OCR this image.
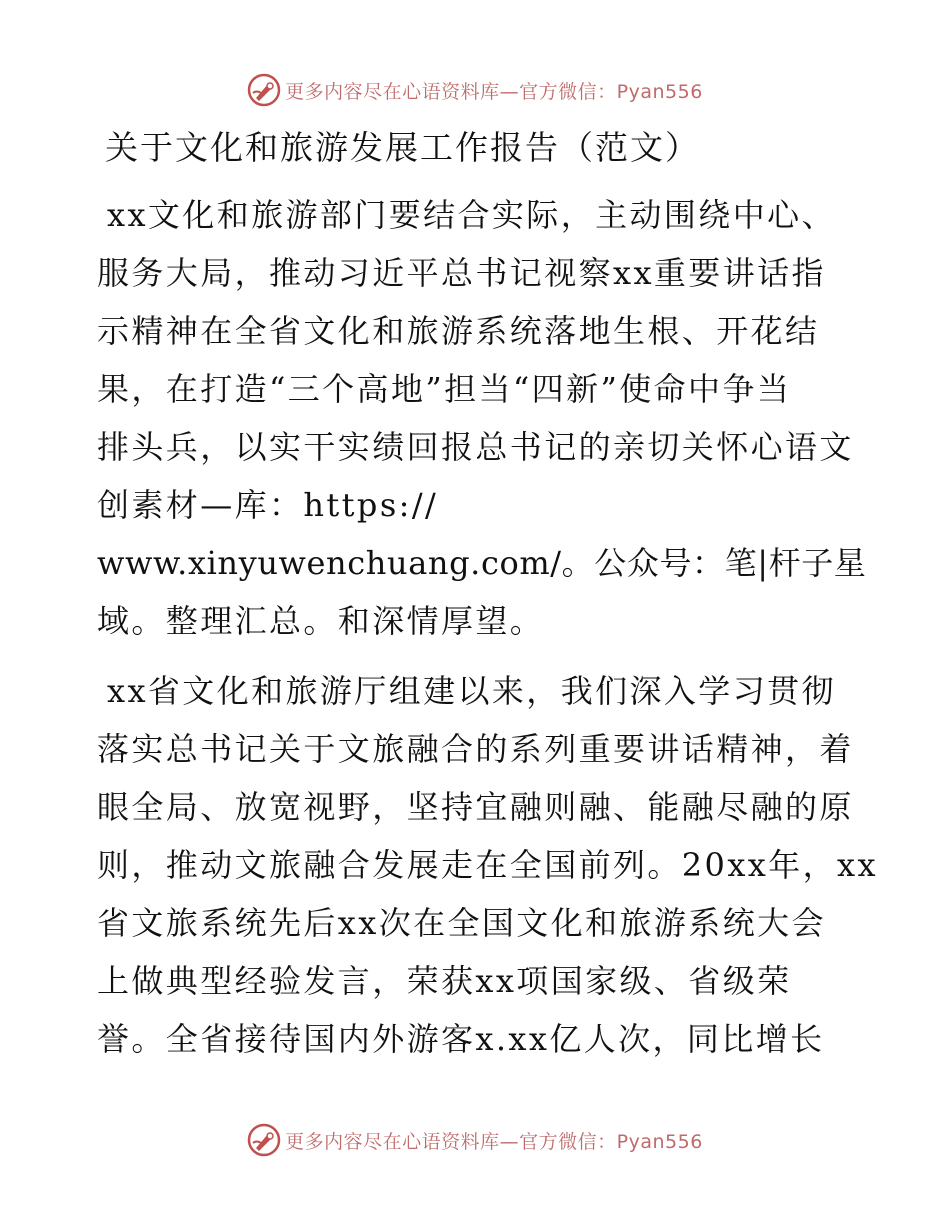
更多内容尽在心语资料库—官方微信：Pyan556
关于文化和旅游发展工作报告（范文）
xx文化和旅游部门要结合实际，主动围绕中心、
服务大局，推动习近平总书记视察xx重要讲话指
示精神在全省文化和旅游系统落地生根、开花结
果，在打造“三个高地”担当“四新”使命中争当
排头兵，以实干实绩回报总书记的亲切关怀心语文
创素材—库：https://
www.xinyuwenchuang.com/。公众号：笔|杆子星
域。整理汇总。和深情厚望。
xx省文化和旅游厅组建以来，我们深入学习贯彻
落实总书记关于文旅融合的系列重要讲话精神，着
眼全局、放宽视野，坚持宜融则融、能融尽融的原
则，推动文旅融合发展走在全国前列。20xx年，xx
省文旅系统先后xx次在全国文化和旅游系统大会
上做典型经验发言，荣获xx项国家级、省级荣
誉。全省接待国内外游客x.xx亿人次，同比增长
更多内容尽在心语资料库—官方微信：Pyan556
